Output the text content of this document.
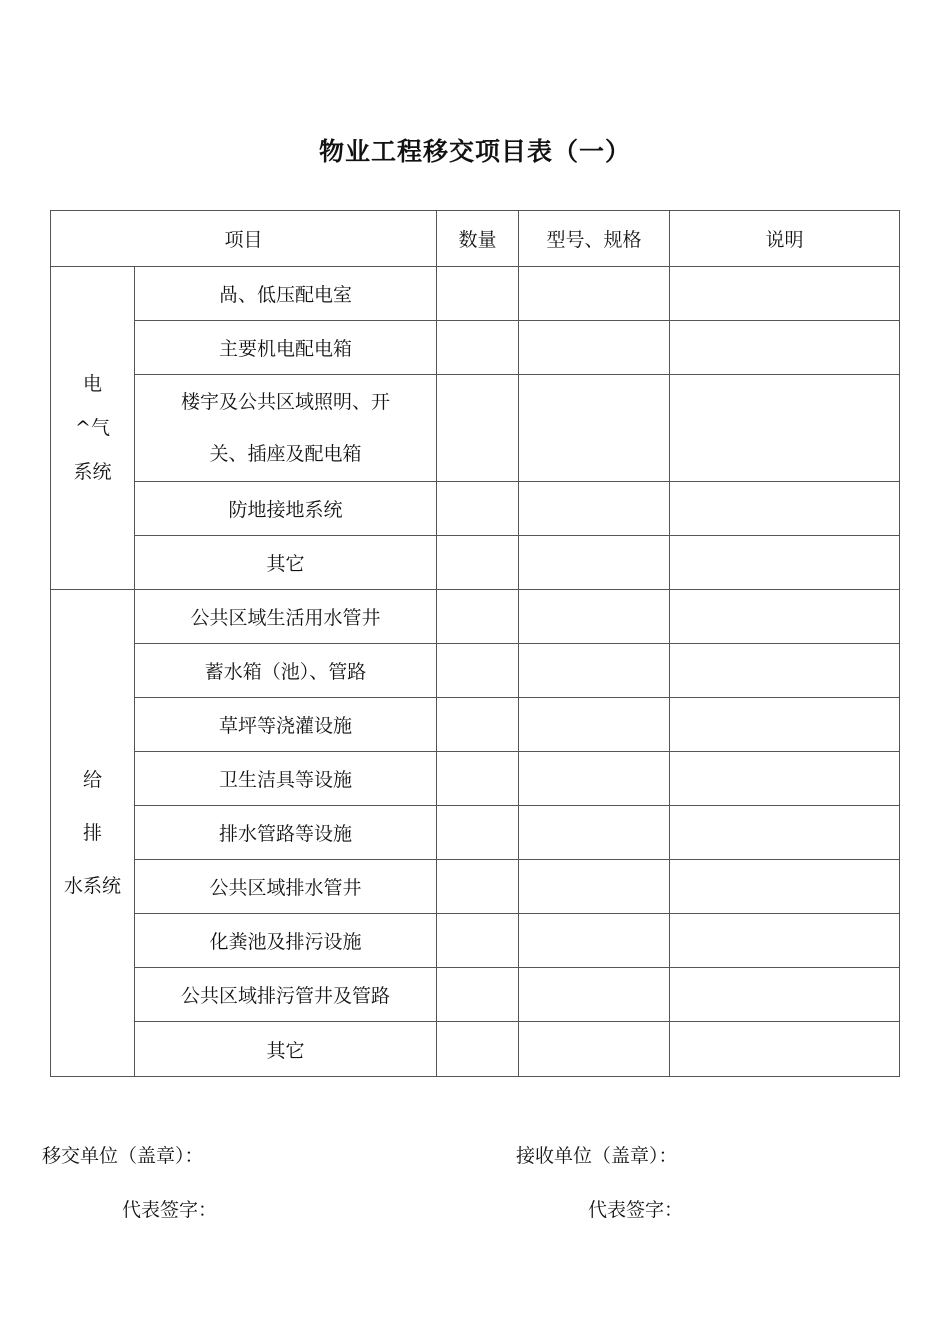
物业工程移交项目表（一）
项目		数量	型号、规格	说明

电
^气
系统	咼、低压配电室			
	主要机电配电箱			

	楼宇及公共区域照明、开
关、插座及配电箱			

	防地接地系统			
	其它			

给
排
水系统	公共区域生活用水管井			
	蓄水箱（池）、管路			
	草坪等浇灌设施			
	卫生洁具等设施			
	排水管路等设施			
	公共区域排水管井			
	化粪池及排污设施			
	公共区域排污管井及管路			
	其它			
移交单位（盖章）：	接收单位（盖章）：
代表签字：	代表签字：
